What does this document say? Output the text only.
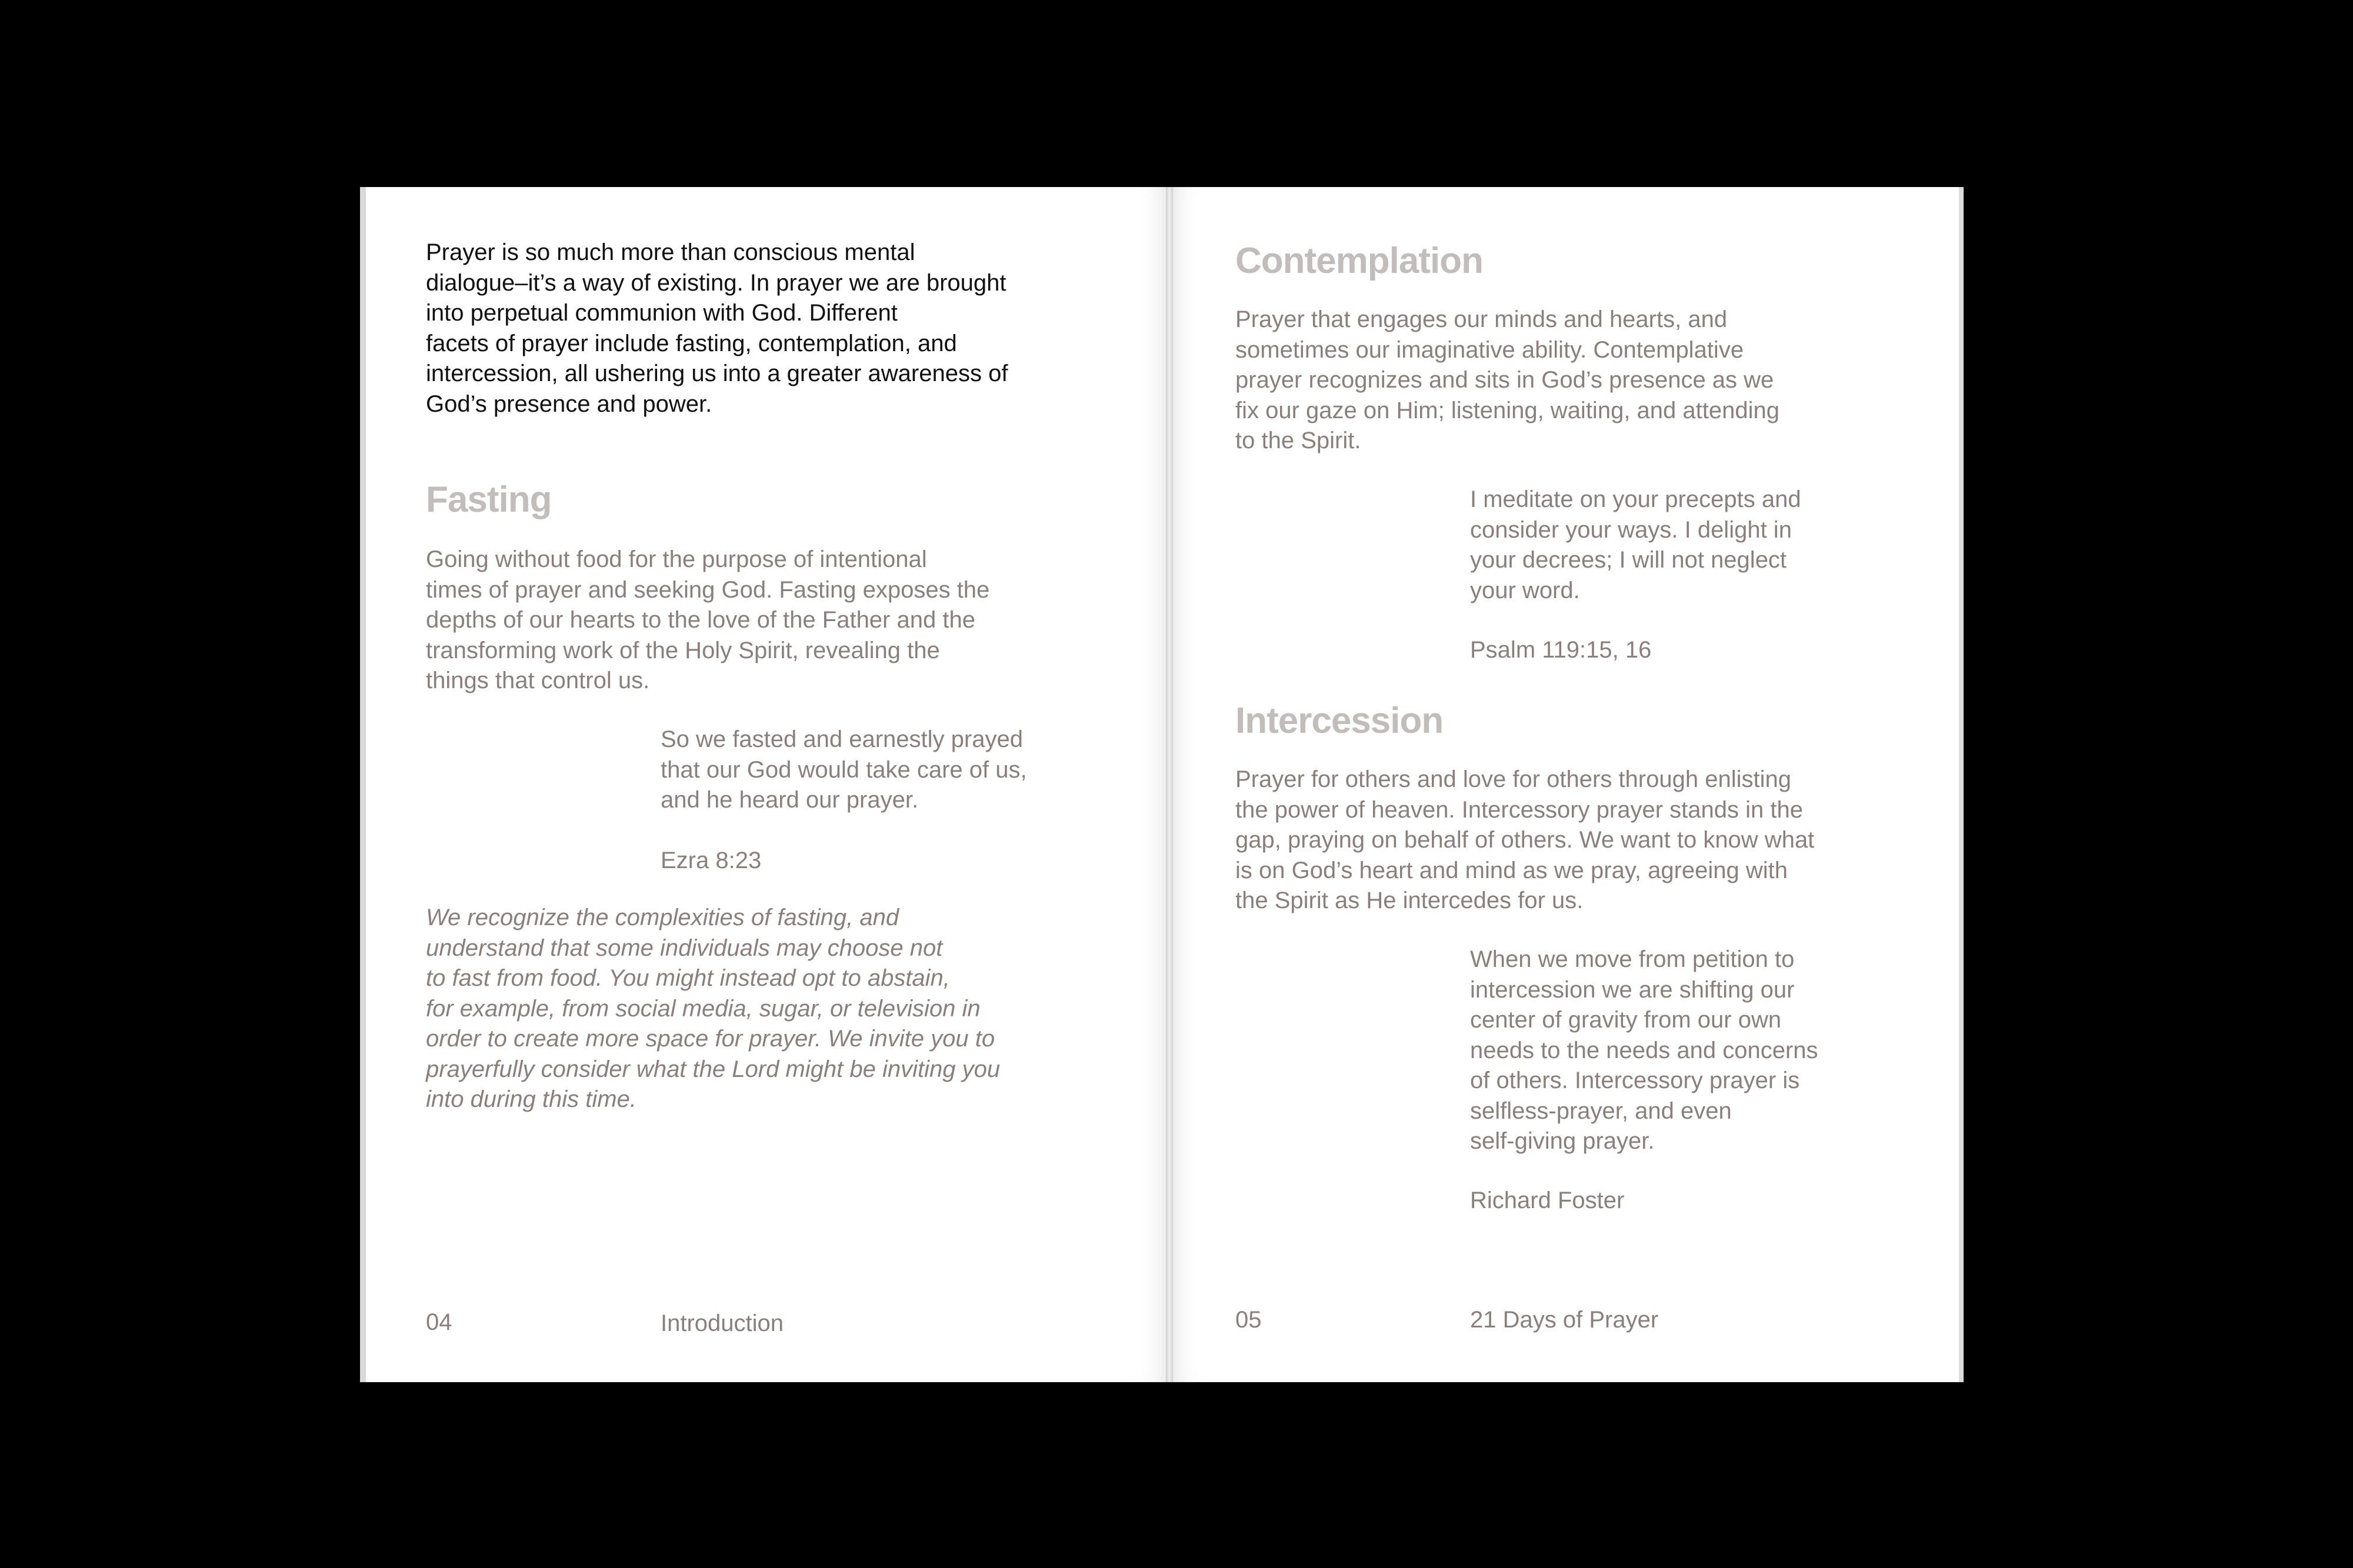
Prayer is so much more than conscious mental
dialogue–it’s a way of existing. In prayer we are brought
into perpetual communion with God. Different
facets of prayer include fasting, contemplation, and
intercession, all ushering us into a greater awareness of
God’s presence and power.

Fasting

Going without food for the purpose of intentional
times of prayer and seeking God. Fasting exposes the
depths of our hearts to the love of the Father and the
transforming work of the Holy Spirit, revealing the
things that control us.

So we fasted and earnestly prayed
that our God would take care of us,
and he heard our prayer.

Ezra 8:23

We recognize the complexities of fasting, and
understand that some individuals may choose not
to fast from food. You might instead opt to abstain,
for example, from social media, sugar, or television in
order to create more space for prayer. We invite you to
prayerfully consider what the Lord might be inviting you
into during this time.

04	Introduction
Contemplation

Prayer that engages our minds and hearts, and
sometimes our imaginative ability. Contemplative
prayer recognizes and sits in God’s presence as we
fix our gaze on Him; listening, waiting, and attending
to the Spirit.

I meditate on your precepts and
consider your ways. I delight in
your decrees; I will not neglect
your word.

Psalm 119:15, 16

Intercession

Prayer for others and love for others through enlisting
the power of heaven. Intercessory prayer stands in the
gap, praying on behalf of others. We want to know what
is on God’s heart and mind as we pray, agreeing with
the Spirit as He intercedes for us.

When we move from petition to
intercession we are shifting our
center of gravity from our own
needs to the needs and concerns
of others. Intercessory prayer is
selfless-prayer, and even
self-giving prayer.

Richard Foster

05	21 Days of Prayer
